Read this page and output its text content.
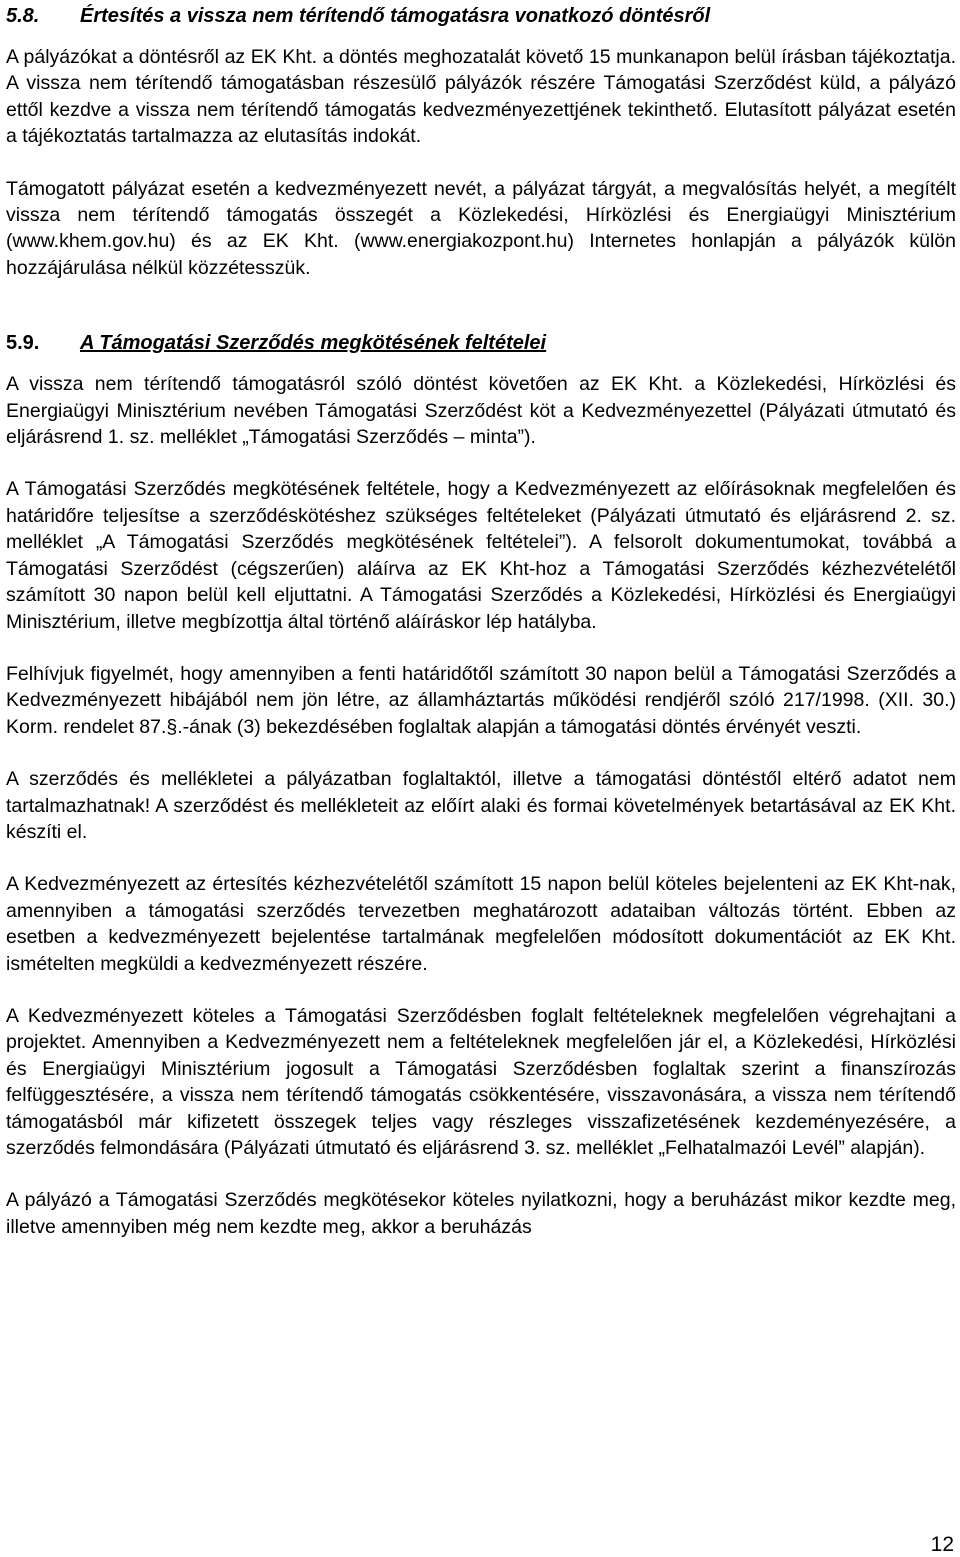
5.8.	Értesítés a vissza nem térítendő támogatásra vonatkozó döntésről

A pályázókat a döntésről az EK Kht. a döntés meghozatalát követő 15 munkanapon belül írásban tájékoztatja. A vissza nem térítendő támogatásban részesülő pályázók részére Támogatási Szerződést küld, a pályázó ettől kezdve a vissza nem térítendő támogatás kedvezményezettjének tekinthető. Elutasított pályázat esetén a tájékoztatás tartalmazza az elutasítás indokát.

Támogatott pályázat esetén a kedvezményezett nevét, a pályázat tárgyát, a megvalósítás helyét, a megítélt vissza nem térítendő támogatás összegét a Közlekedési, Hírközlési és Energiaügyi Minisztérium (www.khem.gov.hu) és az EK Kht. (www.energiakozpont.hu) Internetes honlapján a pályázók külön hozzájárulása nélkül közzétesszük.

5.9.	A Támogatási Szerződés megkötésének feltételei

A vissza nem térítendő támogatásról szóló döntést követően az EK Kht. a Közlekedési, Hírközlési és Energiaügyi Minisztérium nevében Támogatási Szerződést köt a Kedvezményezettel (Pályázati útmutató és eljárásrend 1. sz. melléklet „Támogatási Szerződés – minta”).

A Támogatási Szerződés megkötésének feltétele, hogy a Kedvezményezett az előírásoknak megfelelően és határidőre teljesítse a szerződéskötéshez szükséges feltételeket (Pályázati útmutató és eljárásrend 2. sz. melléklet „A Támogatási Szerződés megkötésének feltételei”). A felsorolt dokumentumokat, továbbá a Támogatási Szerződést (cégszerűen) aláírva az EK Kht-hoz a Támogatási Szerződés kézhezvételétől számított 30 napon belül kell eljuttatni. A Támogatási Szerződés a Közlekedési, Hírközlési és Energiaügyi Minisztérium, illetve megbízottja által történő aláíráskor lép hatályba.

Felhívjuk figyelmét, hogy amennyiben a fenti határidőtől számított 30 napon belül a Támogatási Szerződés a Kedvezményezett hibájából nem jön létre, az államháztartás működési rendjéről szóló 217/1998. (XII. 30.) Korm. rendelet 87.§.-ának (3) bekezdésében foglaltak alapján a támogatási döntés érvényét veszti.

A szerződés és mellékletei a pályázatban foglaltaktól, illetve a támogatási döntéstől eltérő adatot nem tartalmazhatnak! A szerződést és mellékleteit az előírt alaki és formai követelmények betartásával az EK Kht. készíti el.

A Kedvezményezett az értesítés kézhezvételétől számított 15 napon belül köteles bejelenteni az EK Kht-nak, amennyiben a támogatási szerződés tervezetben meghatározott adataiban változás történt. Ebben az esetben a kedvezményezett bejelentése tartalmának megfelelően módosított dokumentációt az EK Kht. ismételten megküldi a kedvezményezett részére.

A Kedvezményezett köteles a Támogatási Szerződésben foglalt feltételeknek megfelelően végrehajtani a projektet. Amennyiben a Kedvezményezett nem a feltételeknek megfelelően jár el, a Közlekedési, Hírközlési és Energiaügyi Minisztérium jogosult a Támogatási Szerződésben foglaltak szerint a finanszírozás felfüggesztésére, a vissza nem térítendő támogatás csökkentésére, visszavonására, a vissza nem térítendő támogatásból már kifizetett összegek teljes vagy részleges visszafizetésének kezdeményezésére, a szerződés felmondására (Pályázati útmutató és eljárásrend 3. sz. melléklet „Felhatalmazói Levél” alapján).

A pályázó a Támogatási Szerződés megkötésekor köteles nyilatkozni, hogy a beruházást mikor kezdte meg, illetve amennyiben még nem kezdte meg, akkor a beruházás

12
